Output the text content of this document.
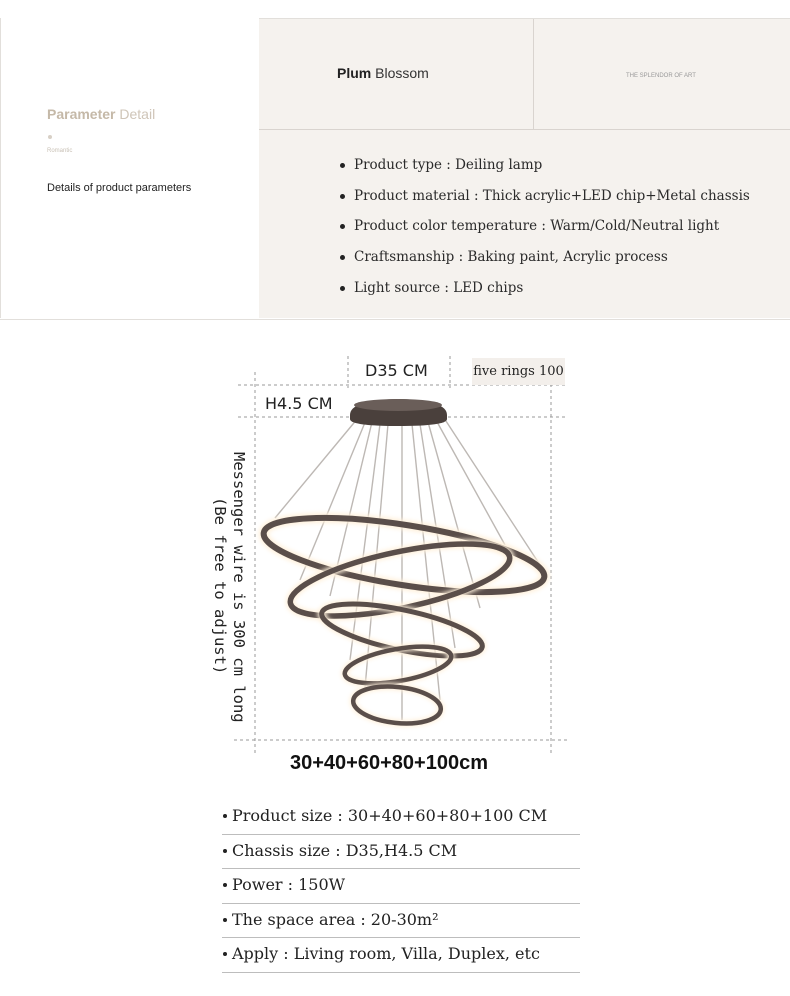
Parameter Detail
Romantic
Details of product parameters
Plum Blossom	THE SPLENDOR OF ART
Product type : Deiling lamp
Product material : Thick acrylic+LED chip+Metal chassis
Product color temperature : Warm/Cold/Neutral light
Craftsmanship : Baking paint, Acrylic process
Light source : LED chips
D35 CM	five rings 100
H4.5 CM
Messenger wire is 300 cm long
(Be free to adjust)
30+40+60+80+100cm
Product size : 30+40+60+80+100 CM
Chassis size : D35,H4.5 CM
Power : 150W
The space area : 20-30m²
Apply : Living room, Villa, Duplex, etc
